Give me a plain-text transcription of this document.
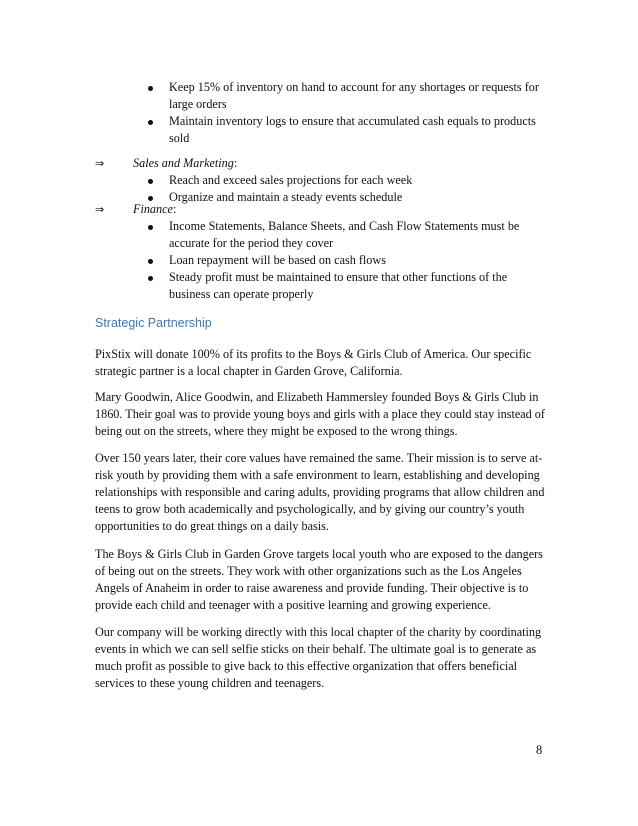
Keep 15% of inventory on hand to account for any shortages or requests for large orders
Maintain inventory logs to ensure that accumulated cash equals to products sold
⇒ Sales and Marketing:
Reach and exceed sales projections for each week
Organize and maintain a steady events schedule
⇒ Finance:
Income Statements, Balance Sheets, and Cash Flow Statements must be accurate for the period they cover
Loan repayment will be based on cash flows
Steady profit must be maintained to ensure that other functions of the business can operate properly
Strategic Partnership

PixStix will donate 100% of its profits to the Boys & Girls Club of America. Our specific strategic partner is a local chapter in Garden Grove, California.

Mary Goodwin, Alice Goodwin, and Elizabeth Hammersley founded Boys & Girls Club in 1860. Their goal was to provide young boys and girls with a place they could stay instead of being out on the streets, where they might be exposed to the wrong things.

Over 150 years later, their core values have remained the same. Their mission is to serve at-risk youth by providing them with a safe environment to learn, establishing and developing relationships with responsible and caring adults, providing programs that allow children and teens to grow both academically and psychologically, and by giving our country’s youth opportunities to do great things on a daily basis.

The Boys & Girls Club in Garden Grove targets local youth who are exposed to the dangers of being out on the streets. They work with other organizations such as the Los Angeles Angels of Anaheim in order to raise awareness and provide funding. Their objective is to provide each child and teenager with a positive learning and growing experience.

Our company will be working directly with this local chapter of the charity by coordinating events in which we can sell selfie sticks on their behalf. The ultimate goal is to generate as much profit as possible to give back to this effective organization that offers beneficial services to these young children and teenagers.

8
